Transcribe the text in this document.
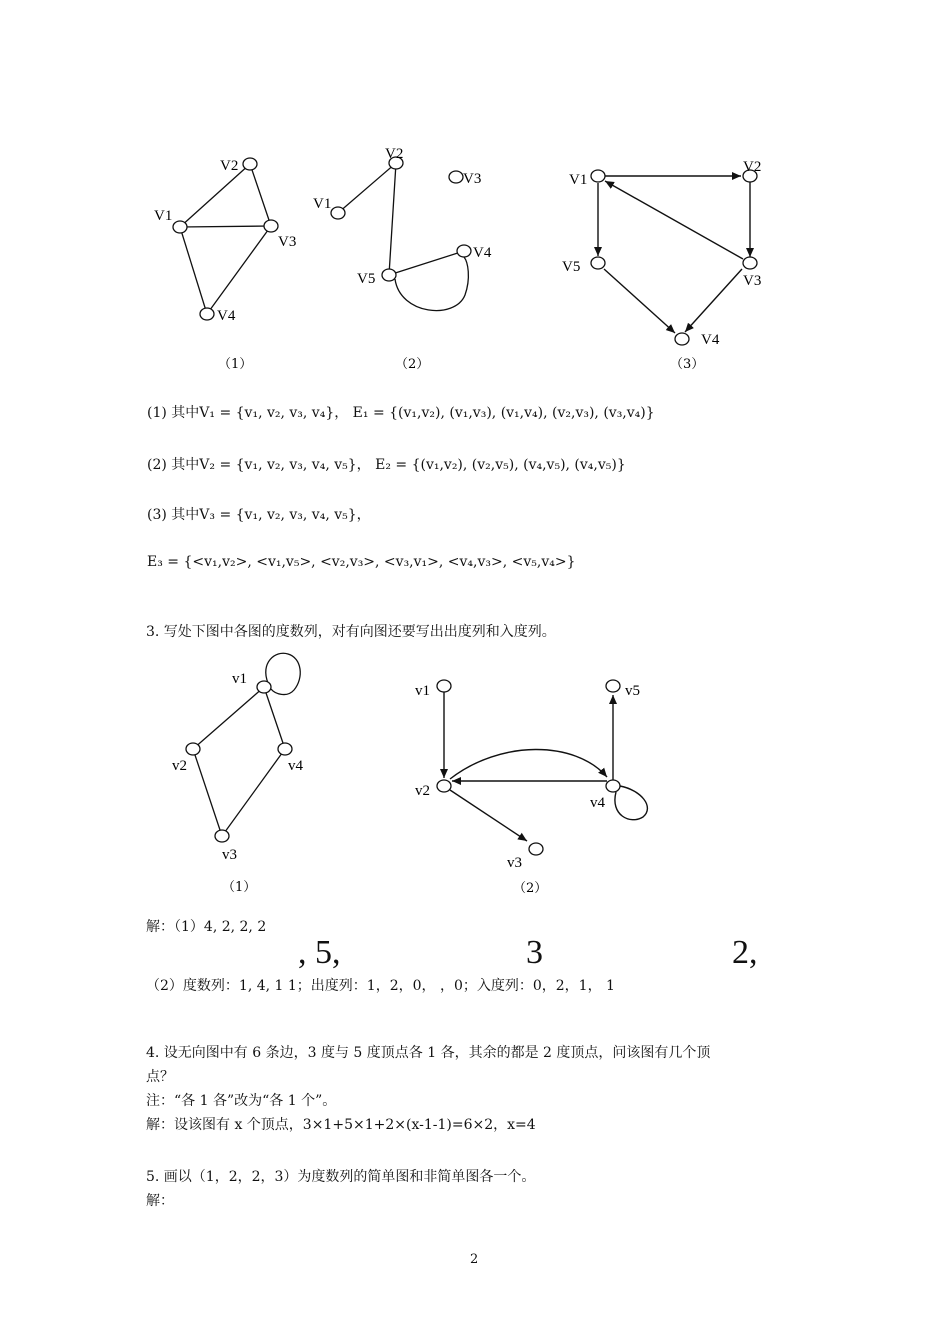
V1
V2
V3
V4
（1）
V1
V2
V3
V4
V5
（2）
V1
V2
V3
V4
V5
（3）
(1) 其中V₁ = {v₁, v₂, v₃, v₄}， E₁ = {(v₁,v₂), (v₁,v₃), (v₁,v₄), (v₂,v₃), (v₃,v₄)}
(2) 其中V₂ = {v₁, v₂, v₃, v₄, v₅}， E₂ = {(v₁,v₂), (v₂,v₅), (v₄,v₅), (v₄,v₅)}
(3) 其中V₃ = {v₁, v₂, v₃, v₄, v₅}，
E₃ = {<v₁,v₂>, <v₁,v₅>, <v₂,v₃>, <v₃,v₁>, <v₄,v₃>, <v₅,v₄>}
3. 写处下图中各图的度数列，对有向图还要写出出度列和入度列。
v1
v2
v3
v4
（1）
v1
v2
v3
v4
v5
（2）
解：（1）4, 2, 2, 2
, 5,	3	2,
（2）度数列：1, 4, 1 1；出度列：1，2，0， ，0；入度列：0，2，1， 1
4. 设无向图中有 6 条边，3 度与 5 度顶点各 1 各，其余的都是 2 度顶点，问该图有几个顶
点？
注：“各 1 各”改为“各 1 个”。
解：设该图有 x 个顶点，3×1+5×1+2×(x-1-1)=6×2，x=4
5. 画以（1，2，2，3）为度数列的简单图和非简单图各一个。
解：
2
